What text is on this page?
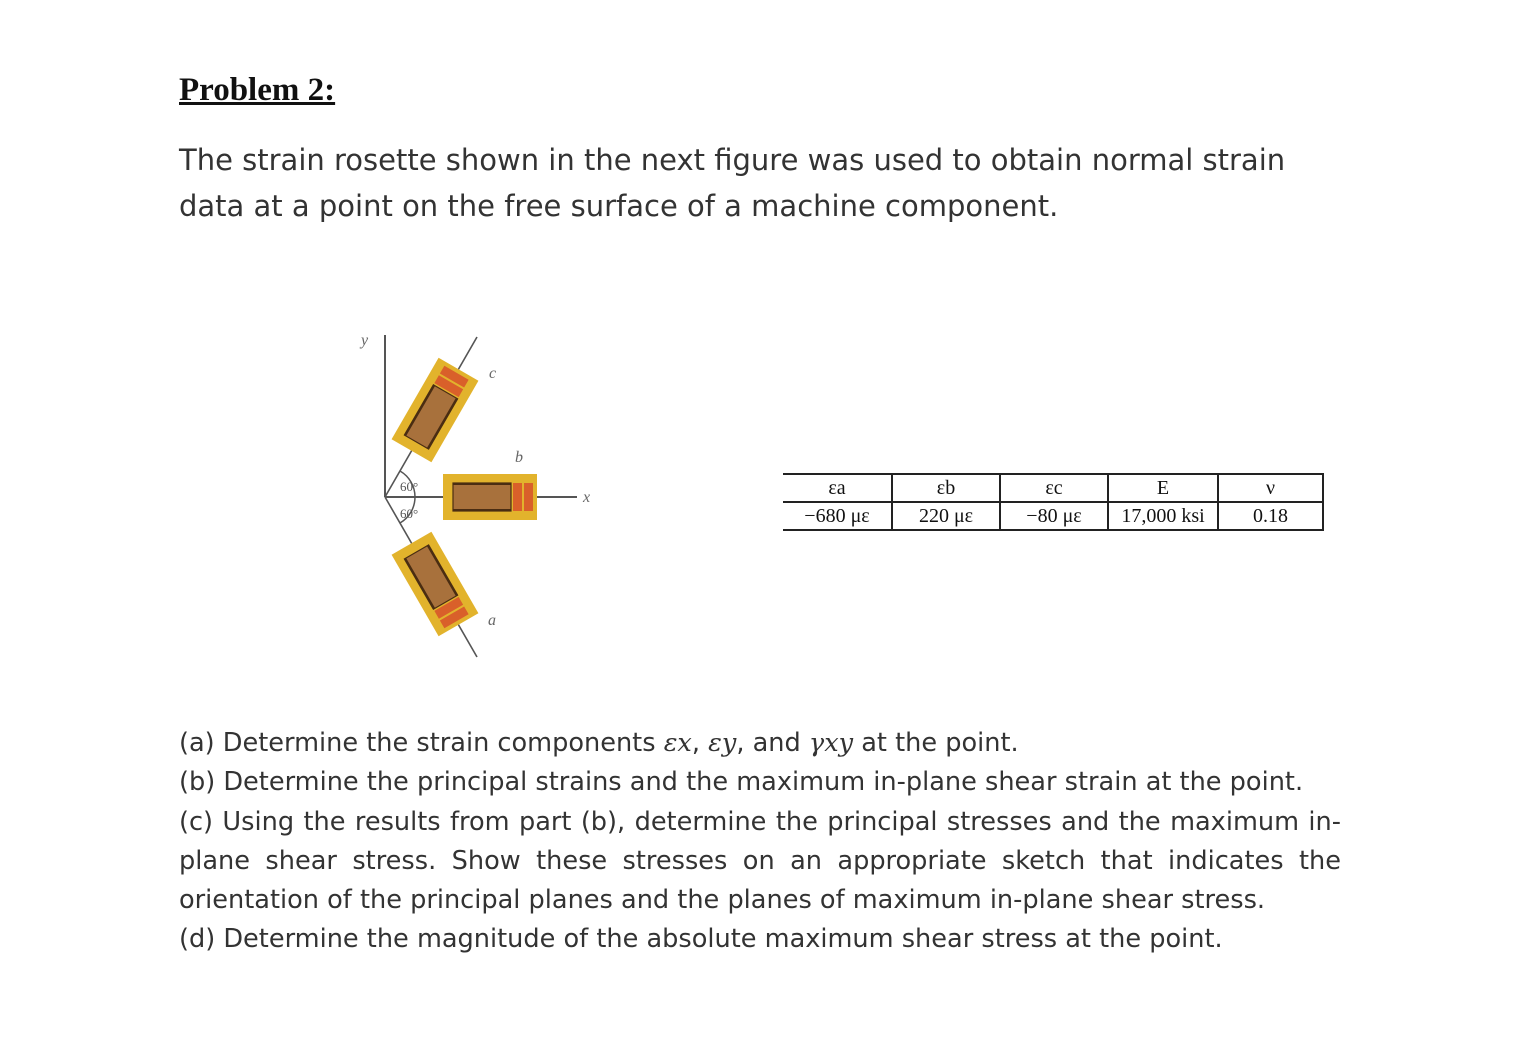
Problem 2:
The strain rosette shown in the next figure was used to obtain normal strain data at a point on the free surface of a machine component.
y
x
60°
60°
b
c
a
εa	εb	εc	E	ν
−680 με	220 με	−80 με	17,000 ksi	0.18

(a) Determine the strain components εx, εy, and γxy at the point.

(b) Determine the principal strains and the maximum in-plane shear strain at the point.

(c) Using the results from part (b), determine the principal stresses and the maximum in-plane shear stress. Show these stresses on an appropriate sketch that indicates the orientation of the principal planes and the planes of maximum in-plane shear stress.

(d) Determine the magnitude of the absolute maximum shear stress at the point.
